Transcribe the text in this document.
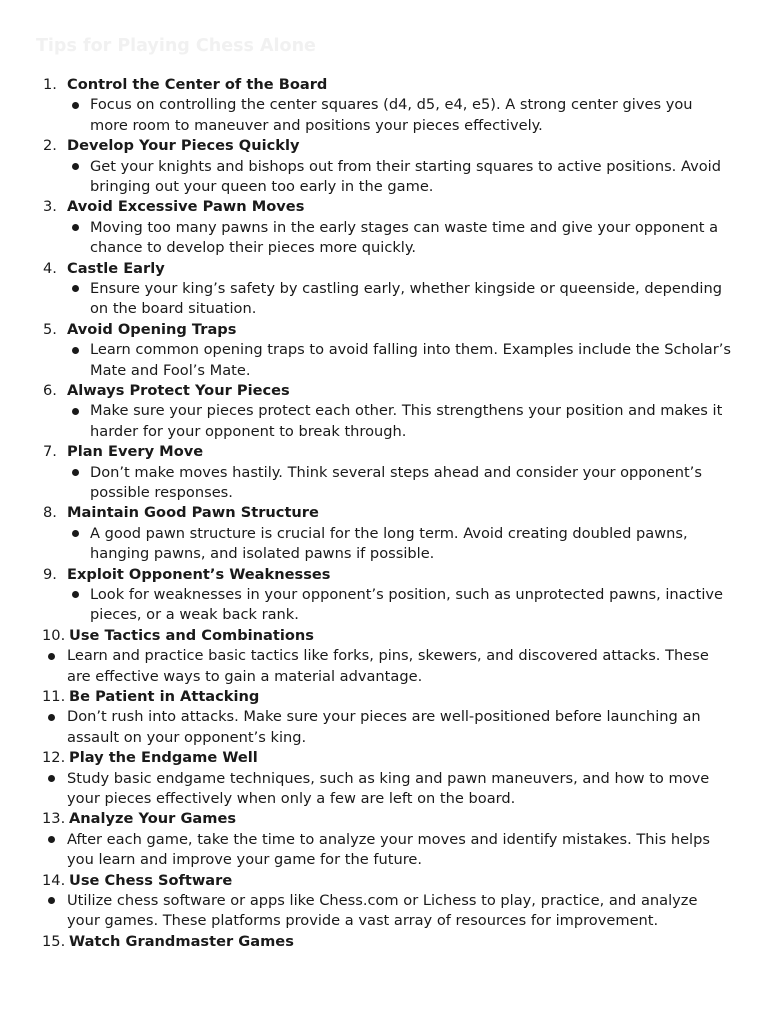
Tips for Playing Chess Alone
1. Control the Center of the Board
Focus on controlling the center squares (d4, d5, e4, e5). A strong center gives you more room to maneuver and positions your pieces effectively.
2. Develop Your Pieces Quickly
Get your knights and bishops out from their starting squares to active positions. Avoid bringing out your queen too early in the game.
3. Avoid Excessive Pawn Moves
Moving too many pawns in the early stages can waste time and give your opponent a chance to develop their pieces more quickly.
4. Castle Early
Ensure your king’s safety by castling early, whether kingside or queenside, depending on the board situation.
5. Avoid Opening Traps
Learn common opening traps to avoid falling into them. Examples include the Scholar’s Mate and Fool’s Mate.
6. Always Protect Your Pieces
Make sure your pieces protect each other. This strengthens your position and makes it harder for your opponent to break through.
7. Plan Every Move
Don’t make moves hastily. Think several steps ahead and consider your opponent’s possible responses.
8. Maintain Good Pawn Structure
A good pawn structure is crucial for the long term. Avoid creating doubled pawns, hanging pawns, and isolated pawns if possible.
9. Exploit Opponent’s Weaknesses
Look for weaknesses in your opponent’s position, such as unprotected pawns, inactive pieces, or a weak back rank.
10. Use Tactics and Combinations
Learn and practice basic tactics like forks, pins, skewers, and discovered attacks. These are effective ways to gain a material advantage.
11. Be Patient in Attacking
Don’t rush into attacks. Make sure your pieces are well-positioned before launching an assault on your opponent’s king.
12. Play the Endgame Well
Study basic endgame techniques, such as king and pawn maneuvers, and how to move your pieces effectively when only a few are left on the board.
13. Analyze Your Games
After each game, take the time to analyze your moves and identify mistakes. This helps you learn and improve your game for the future.
14. Use Chess Software
Utilize chess software or apps like Chess.com or Lichess to play, practice, and analyze your games. These platforms provide a vast array of resources for improvement.
15. Watch Grandmaster Games
